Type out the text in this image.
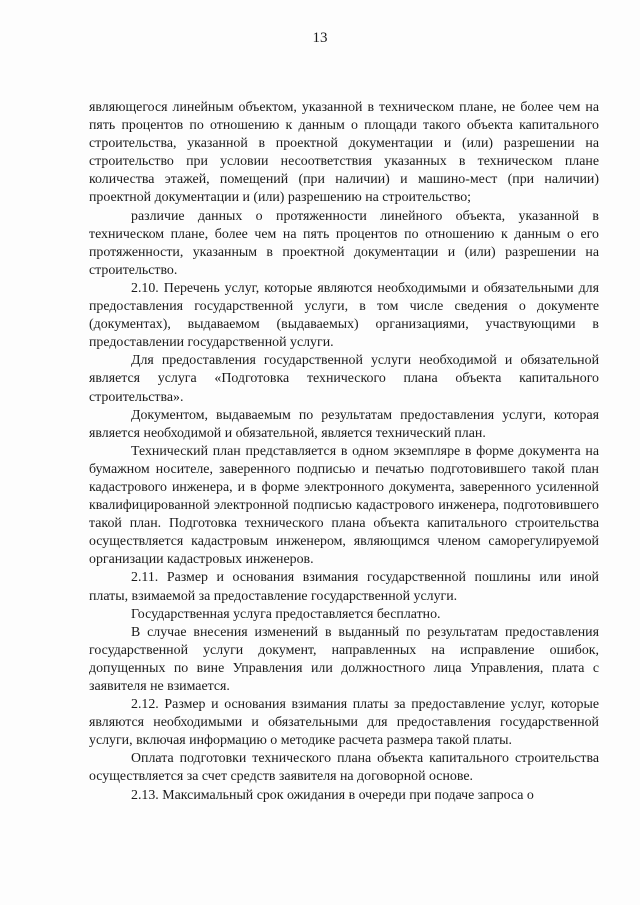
13

являющегося линейным объектом, указанной в техническом плане, не более чем на пять процентов по отношению к данным о площади такого объекта капитального строительства, указанной в проектной документации и (или) разрешении на строительство при условии несоответствия указанных в техническом плане количества этажей, помещений (при наличии) и машино-мест (при наличии) проектной документации и (или) разрешению на строительство;

различие данных о протяженности линейного объекта, указанной в техническом плане, более чем на пять процентов по отношению к данным о его протяженности, указанным в проектной документации и (или) разрешении на строительство.

2.10. Перечень услуг, которые являются необходимыми и обязательными для предоставления государственной услуги, в том числе сведения о документе (документах), выдаваемом (выдаваемых) организациями, участвующими в предоставлении государственной услуги.

Для предоставления государственной услуги необходимой и обязательной является услуга «Подготовка технического плана объекта капитального строительства».

Документом, выдаваемым по результатам предоставления услуги, которая является необходимой и обязательной, является технический план.

Технический план представляется в одном экземпляре в форме документа на бумажном носителе, заверенного подписью и печатью подготовившего такой план кадастрового инженера, и в форме электронного документа, заверенного усиленной квалифицированной электронной подписью кадастрового инженера, подготовившего такой план. Подготовка технического плана объекта капитального строительства осуществляется кадастровым инженером, являющимся членом саморегулируемой организации кадастровых инженеров.

2.11. Размер и основания взимания государственной пошлины или иной платы, взимаемой за предоставление государственной услуги.

Государственная услуга предоставляется бесплатно.

В случае внесения изменений в выданный по результатам предоставления государственной услуги документ, направленных на исправление ошибок, допущенных по вине Управления или должностного лица Управления, плата с заявителя не взимается.

2.12. Размер и основания взимания платы за предоставление услуг, которые являются необходимыми и обязательными для предоставления государственной услуги, включая информацию о методике расчета размера такой платы.

Оплата подготовки технического плана объекта капитального строительства осуществляется за счет средств заявителя на договорной основе.

2.13. Максимальный срок ожидания в очереди при подаче запроса о
